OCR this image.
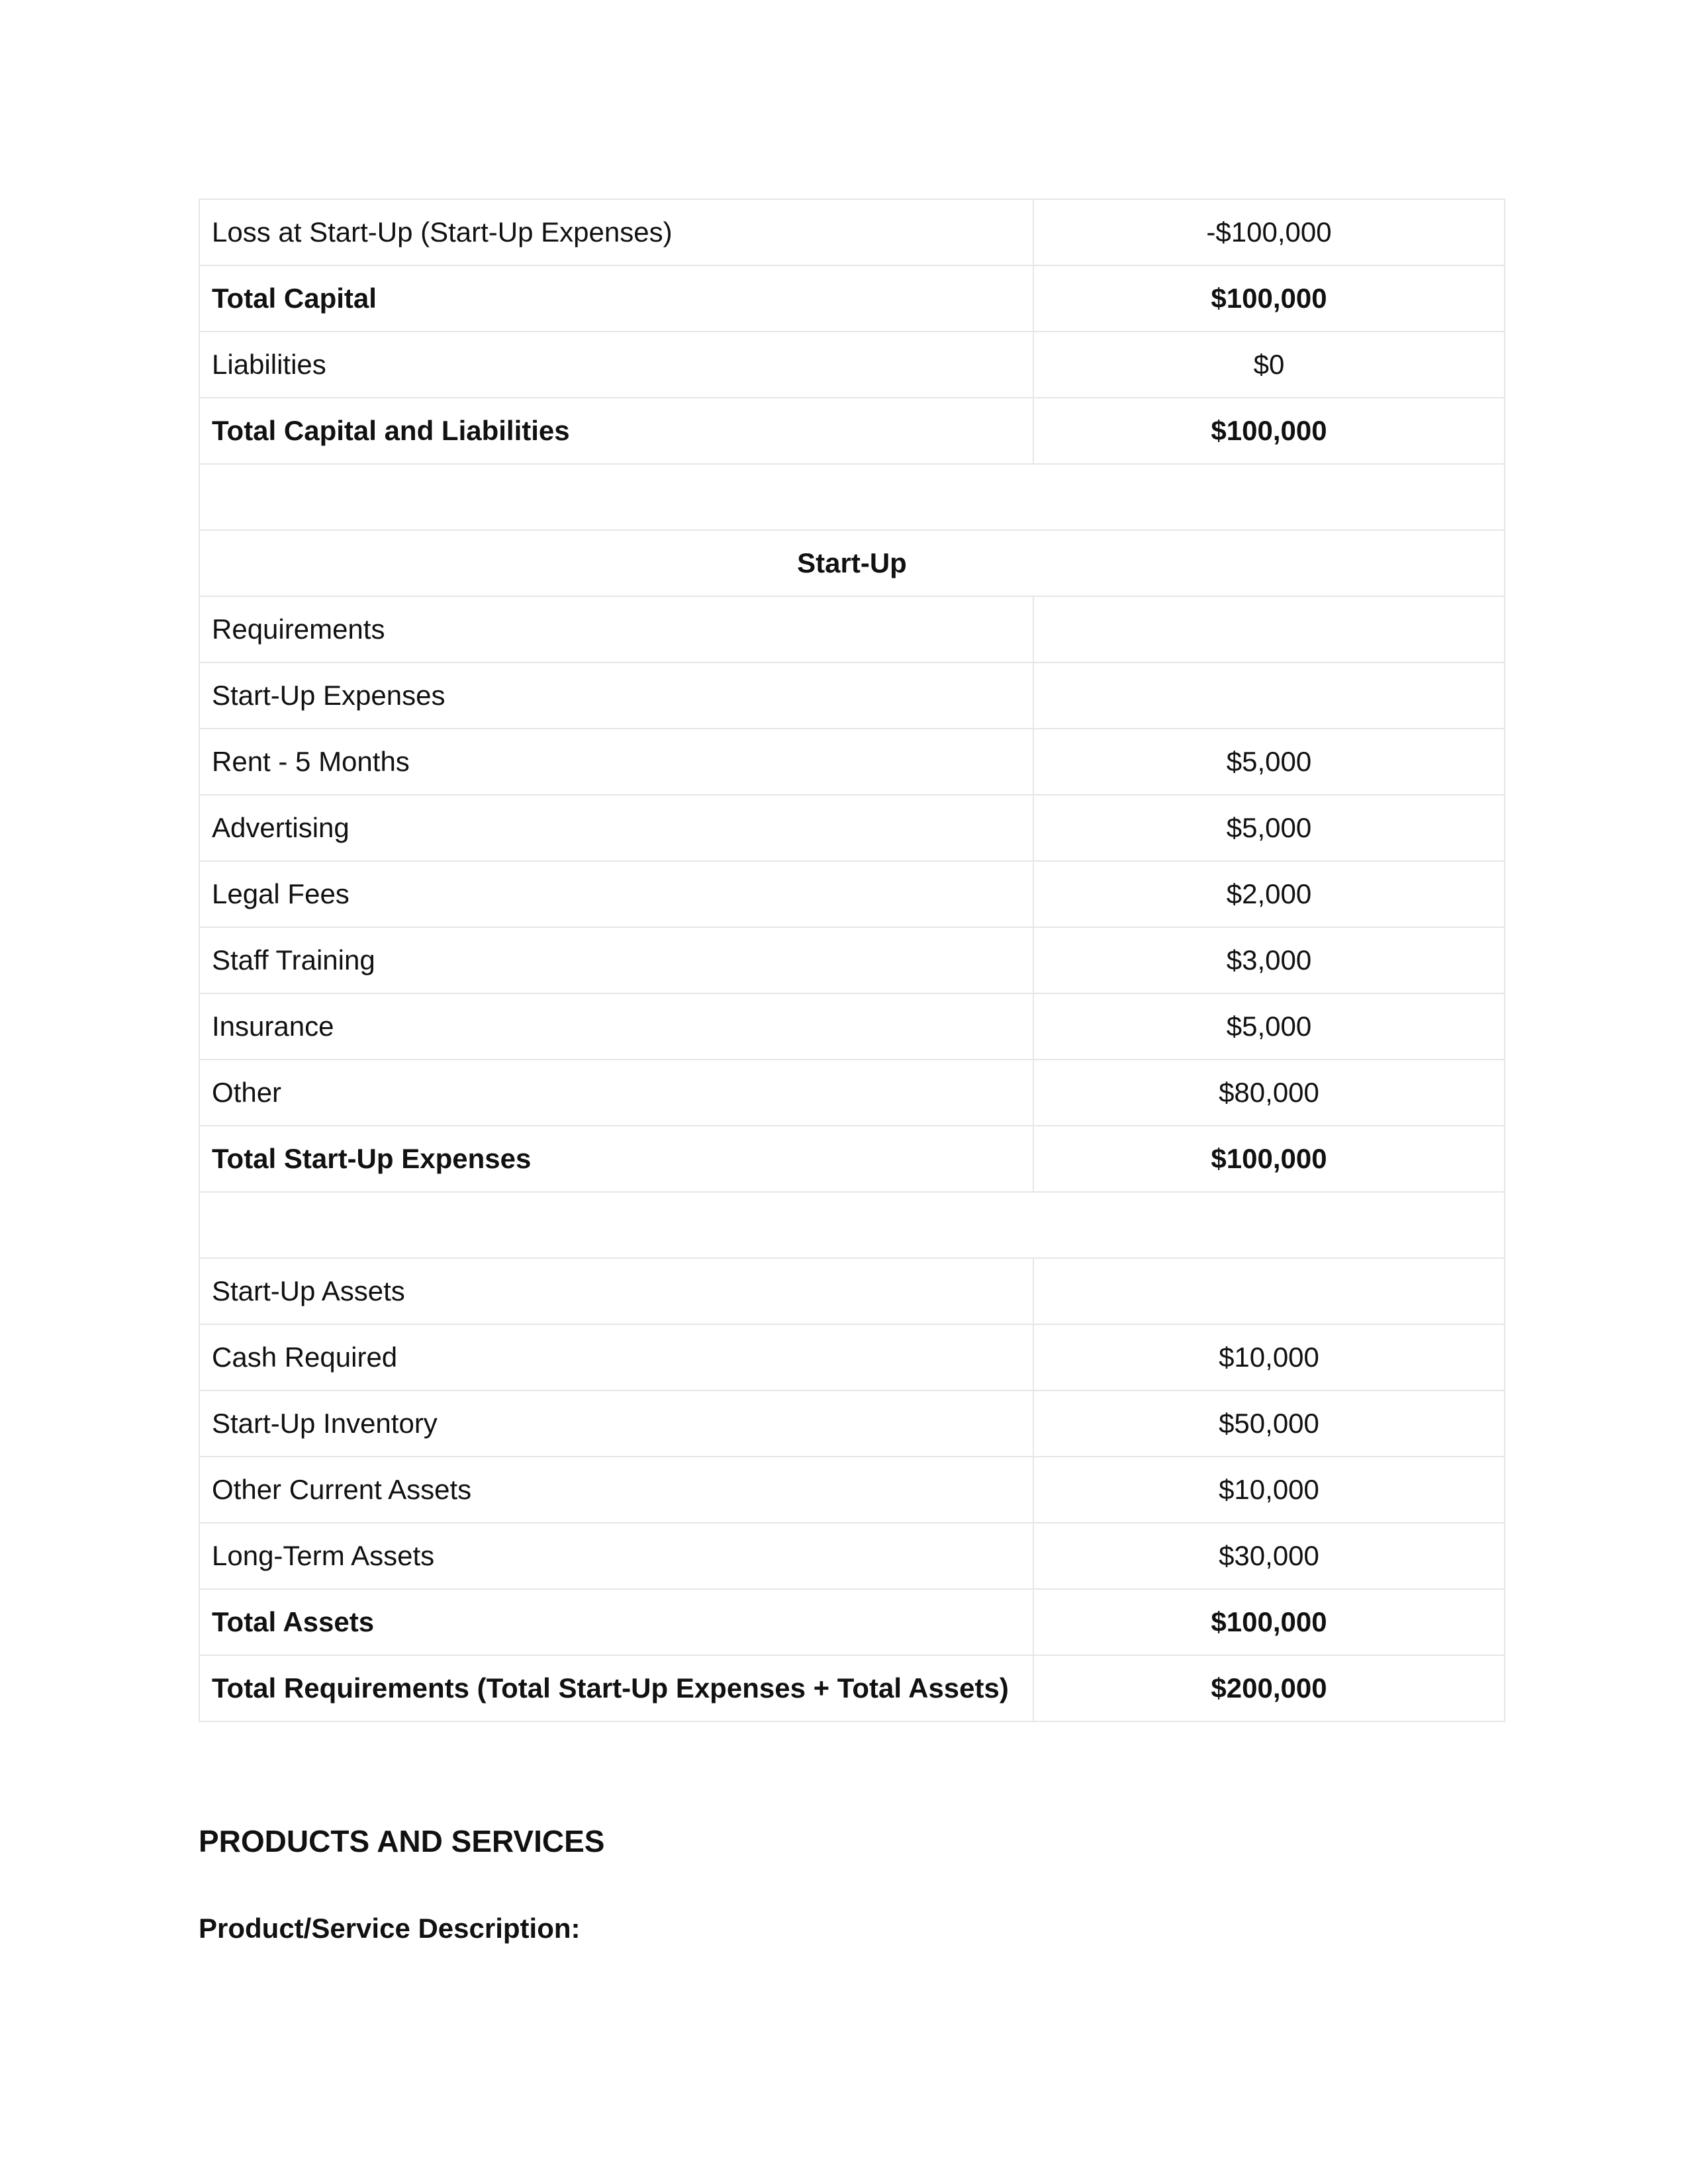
Loss at Start-Up (Start-Up Expenses)	-$100,000
Total Capital	$100,000
Liabilities	$0
Total Capital and Liabilities	$100,000

Start-Up	
Requirements	
Start-Up Expenses	
Rent - 5 Months	$5,000
Advertising	$5,000
Legal Fees	$2,000
Staff Training	$3,000
Insurance	$5,000
Other	$80,000
Total Start-Up Expenses	$100,000

Start-Up Assets	
Cash Required	$10,000
Start-Up Inventory	$50,000
Other Current Assets	$10,000
Long-Term Assets	$30,000
Total Assets	$100,000
Total Requirements (Total Start-Up Expenses + Total Assets)	$200,000
PRODUCTS AND SERVICES
Product/Service Description:
